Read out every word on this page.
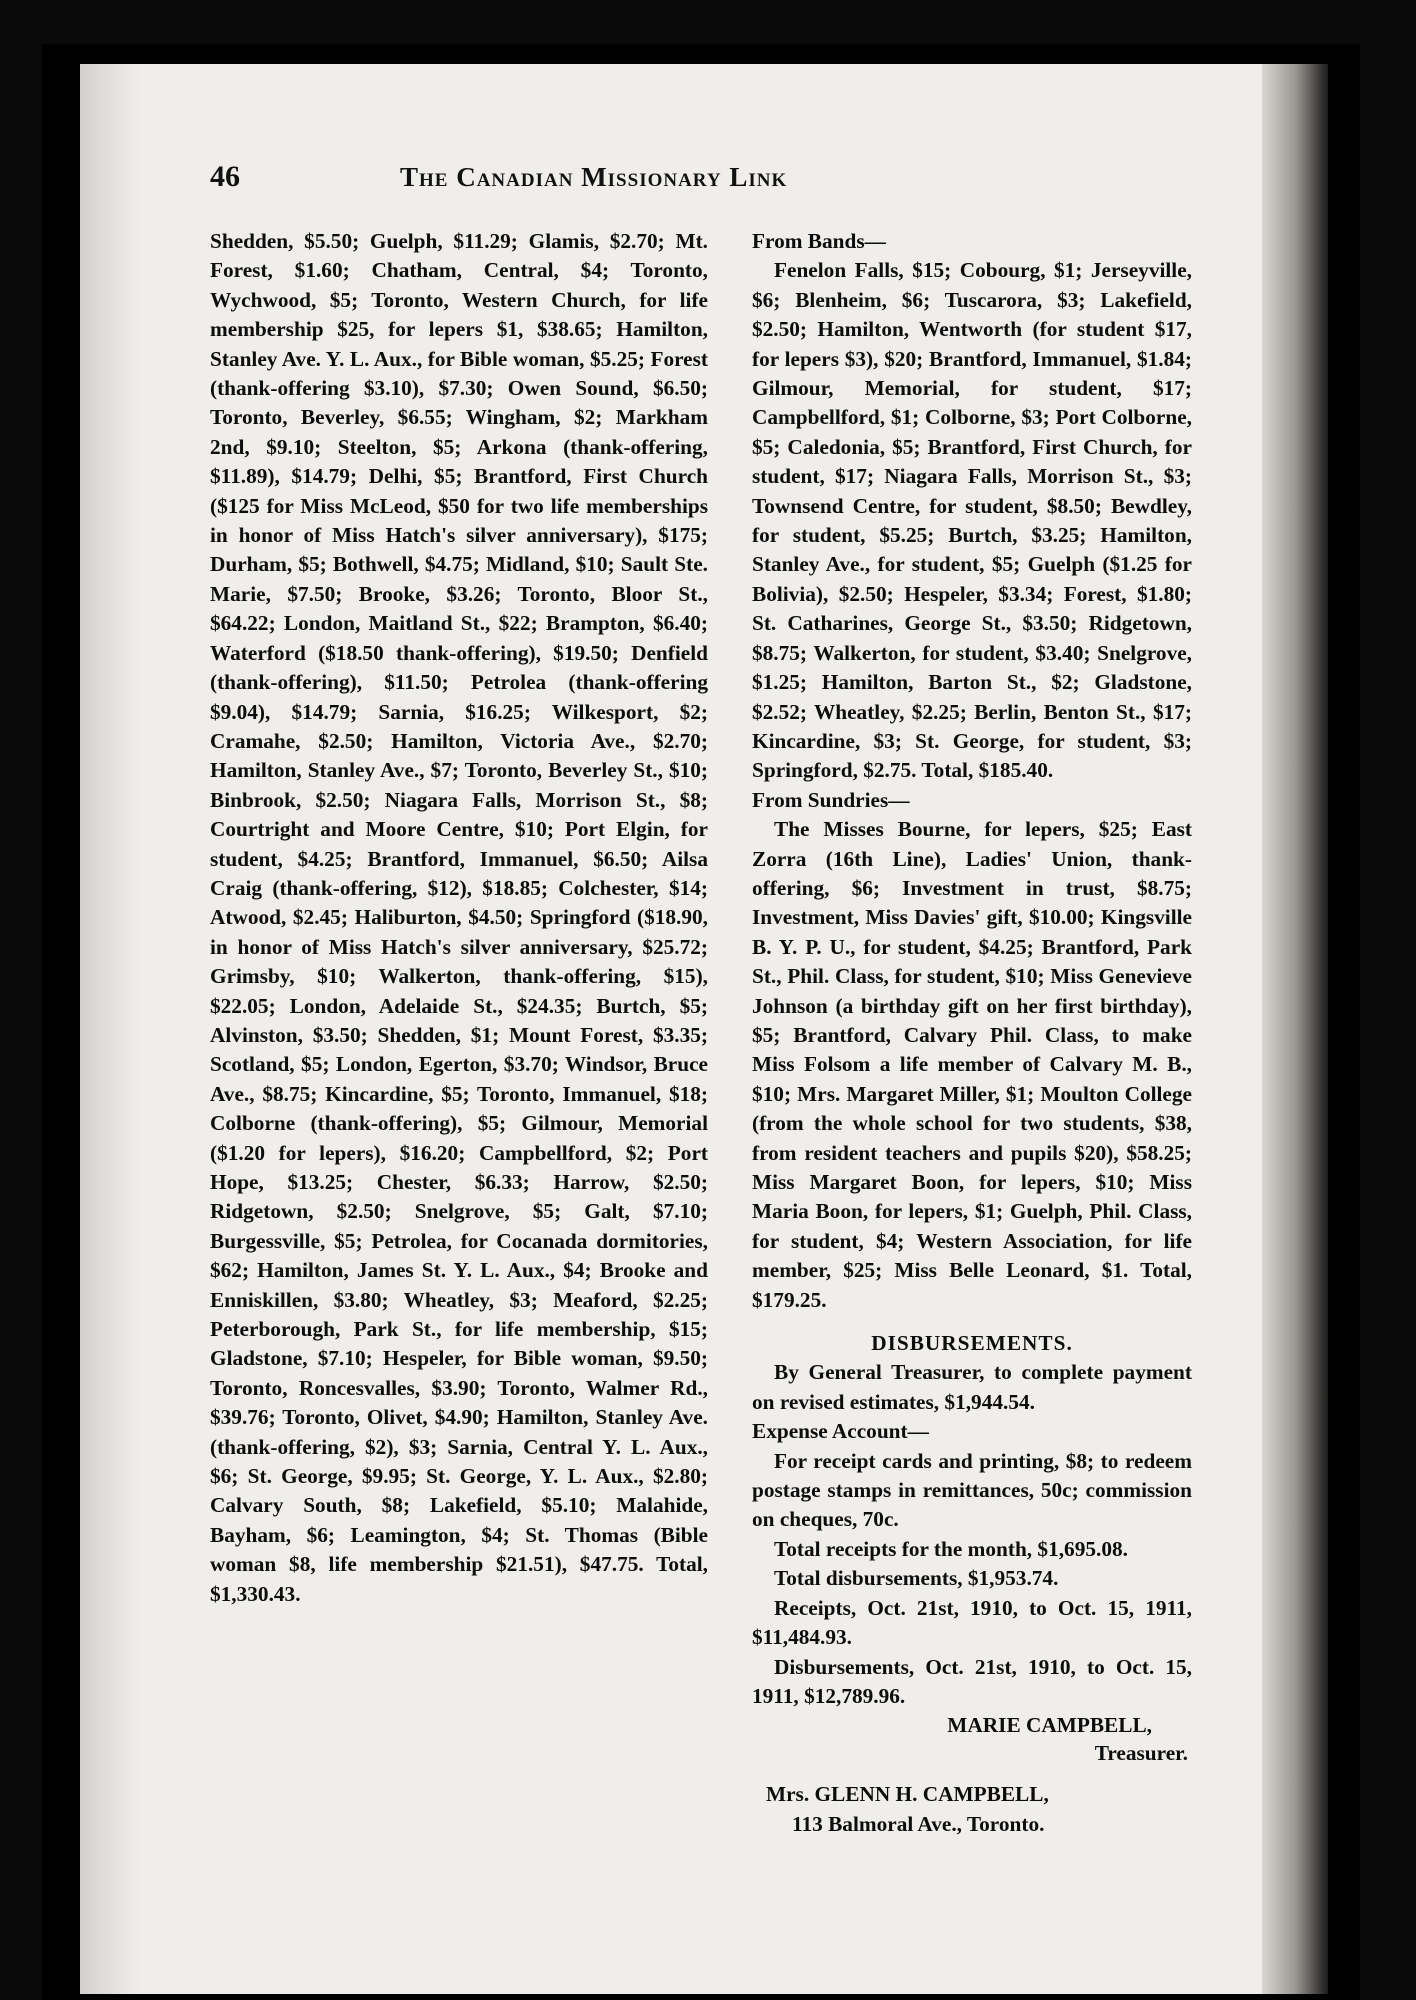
46	The Canadian Missionary Link

Shedden, $5.50; Guelph, $11.29; Glamis, $2.70; Mt. Forest, $1.60; Chatham, Central, $4; Toronto, Wychwood, $5; Toronto, Western Church, for life membership $25, for lepers $1, $38.65; Hamilton, Stanley Ave. Y. L. Aux., for Bible woman, $5.25; Forest (thank-offering $3.10), $7.30; Owen Sound, $6.50; Toronto, Beverley, $6.55; Wingham, $2; Markham 2nd, $9.10; Steelton, $5; Arkona (thank-offering, $11.89), $14.79; Delhi, $5; Brantford, First Church ($125 for Miss McLeod, $50 for two life memberships in honor of Miss Hatch's silver anniversary), $175; Durham, $5; Bothwell, $4.75; Midland, $10; Sault Ste. Marie, $7.50; Brooke, $3.26; Toronto, Bloor St., $64.22; London, Maitland St., $22; Brampton, $6.40; Waterford ($18.50 thank-offering), $19.50; Denfield (thank-offering), $11.50; Petrolea (thank-offering $9.04), $14.79; Sarnia, $16.25; Wilkesport, $2; Cramahe, $2.50; Hamilton, Victoria Ave., $2.70; Hamilton, Stanley Ave., $7; Toronto, Beverley St., $10; Binbrook, $2.50; Niagara Falls, Morrison St., $8; Courtright and Moore Centre, $10; Port Elgin, for student, $4.25; Brantford, Immanuel, $6.50; Ailsa Craig (thank-offering, $12), $18.85; Colchester, $14; Atwood, $2.45; Haliburton, $4.50; Springford ($18.90, in honor of Miss Hatch's silver anniversary, $25.72; Grimsby, $10; Walkerton, thank-offering, $15), $22.05; London, Adelaide St., $24.35; Burtch, $5; Alvinston, $3.50; Shedden, $1; Mount Forest, $3.35; Scotland, $5; London, Egerton, $3.70; Windsor, Bruce Ave., $8.75; Kincardine, $5; Toronto, Immanuel, $18; Colborne (thank-offering), $5; Gilmour, Memorial ($1.20 for lepers), $16.20; Campbellford, $2; Port Hope, $13.25; Chester, $6.33; Harrow, $2.50; Ridgetown, $2.50; Snelgrove, $5; Galt, $7.10; Burgessville, $5; Petrolea, for Cocanada dormitories, $62; Hamilton, James St. Y. L. Aux., $4; Brooke and Enniskillen, $3.80; Wheatley, $3; Meaford, $2.25; Peterborough, Park St., for life membership, $15; Gladstone, $7.10; Hespeler, for Bible woman, $9.50; Toronto, Roncesvalles, $3.90; Toronto, Walmer Rd., $39.76; Toronto, Olivet, $4.90; Hamilton, Stanley Ave. (thank-offering, $2), $3; Sarnia, Central Y. L. Aux., $6; St. George, $9.95; St. George, Y. L. Aux., $2.80; Calvary South, $8; Lakefield, $5.10; Malahide, Bayham, $6; Leamington, $4; St. Thomas (Bible woman $8, life membership $21.51), $47.75. Total, $1,330.43.

From Bands—

Fenelon Falls, $15; Cobourg, $1; Jerseyville, $6; Blenheim, $6; Tuscarora, $3; Lakefield, $2.50; Hamilton, Wentworth (for student $17, for lepers $3), $20; Brantford, Immanuel, $1.84; Gilmour, Memorial, for student, $17; Campbellford, $1; Colborne, $3; Port Colborne, $5; Caledonia, $5; Brantford, First Church, for student, $17; Niagara Falls, Morrison St., $3; Townsend Centre, for student, $8.50; Bewdley, for student, $5.25; Burtch, $3.25; Hamilton, Stanley Ave., for student, $5; Guelph ($1.25 for Bolivia), $2.50; Hespeler, $3.34; Forest, $1.80; St. Catharines, George St., $3.50; Ridgetown, $8.75; Walkerton, for student, $3.40; Snelgrove, $1.25; Hamilton, Barton St., $2; Gladstone, $2.52; Wheatley, $2.25; Berlin, Benton St., $17; Kincardine, $3; St. George, for student, $3; Springford, $2.75. Total, $185.40.

From Sundries—

The Misses Bourne, for lepers, $25; East Zorra (16th Line), Ladies' Union, thank-offering, $6; Investment in trust, $8.75; Investment, Miss Davies' gift, $10.00; Kingsville B. Y. P. U., for student, $4.25; Brantford, Park St., Phil. Class, for student, $10; Miss Genevieve Johnson (a birthday gift on her first birthday), $5; Brantford, Calvary Phil. Class, to make Miss Folsom a life member of Calvary M. B., $10; Mrs. Margaret Miller, $1; Moulton College (from the whole school for two students, $38, from resident teachers and pupils $20), $58.25; Miss Margaret Boon, for lepers, $10; Miss Maria Boon, for lepers, $1; Guelph, Phil. Class, for student, $4; Western Association, for life member, $25; Miss Belle Leonard, $1. Total, $179.25.

DISBURSEMENTS.

By General Treasurer, to complete payment on revised estimates, $1,944.54.

Expense Account—

For receipt cards and printing, $8; to redeem postage stamps in remittances, 50c; commission on cheques, 70c.

Total receipts for the month, $1,695.08.

Total disbursements, $1,953.74.

Receipts, Oct. 21st, 1910, to Oct. 15, 1911, $11,484.93.

Disbursements, Oct. 21st, 1910, to Oct. 15, 1911, $12,789.96.

MARIE CAMPBELL,

Treasurer.

Mrs. GLENN H. CAMPBELL,

113 Balmoral Ave., Toronto.
